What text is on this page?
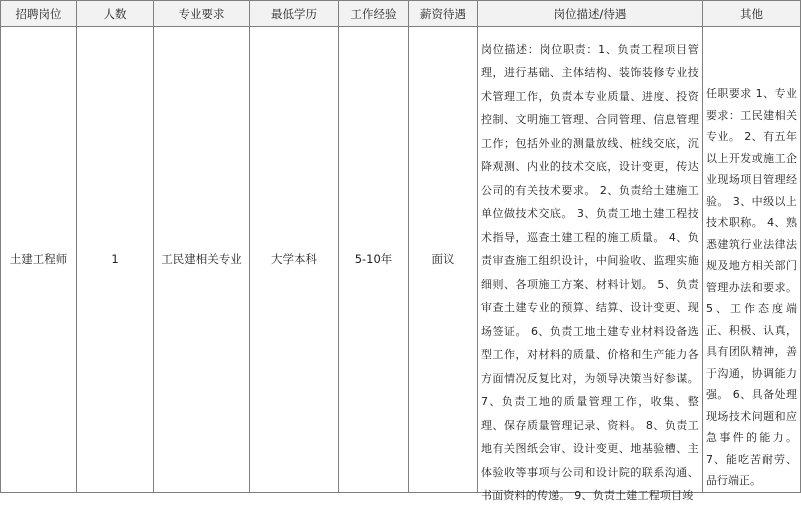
招聘岗位	人数	专业要求	最低学历	工作经验	薪资待遇	岗位描述/待遇	其他
土建工程师	1	工民建相关专业	大学本科	5-10年	面议	岗位描述：岗位职责：1、负责工程项目管理，进行基础、主体结构、装饰装修专业技术管理工作，负责本专业质量、进度、投资控制、文明施工管理、合同管理、信息管理工作；包括外业的测量放线、桩线交底，沉降观测、内业的技术交底，设计变更，传达公司的有关技术要求。 2、负责给土建施工单位做技术交底。 3、负责工地土建工程技术指导，巡查土建工程的施工质量。 4、负责审查施工组织设计，中间验收、监理实施细则、各项施工方案、材料计划。 5、负责审查土建专业的预算、结算、设计变更、现场签证。 6、负责工地土建专业材料设备选型工作，对材料的质量、价格和生产能力各方面情况反复比对，为领导决策当好参谋。 7、负责工地的质量管理工作，收集、整理、保存质量管理记录、资料。 8、负责工地有关图纸会审、设计变更、地基验槽、主体验收等事项与公司和设计院的联系沟通、书面资料的传递。 9、负责土建工程项目竣	任职要求 1、专业要求：工民建相关专业。 2、有五年以上开发或施工企业现场项目管理经验。 3、中级以上技术职称。 4、熟悉建筑行业法律法规及地方相关部门管理办法和要求。 5、工作态度端正、积极、认真，具有团队精神，善于沟通，协调能力强。 6、具备处理现场技术问题和应急事件的能力。 7、能吃苦耐劳、品行端正。
